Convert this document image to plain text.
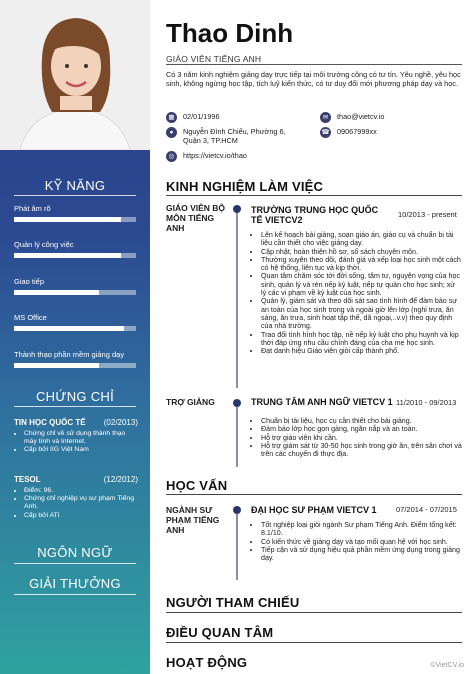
KỸ NĂNG
Phát âm rõ
Quản lý công việc
Giao tiếp
MS Office
Thành thạo phần mềm giảng dạy
CHỨNG CHỈ
TIN HỌC QUỐC TẾ (02/2013)
• Chứng chỉ về sử dụng thành thạo máy tính và Internet.
• Cấp bởi IIG Việt Nam
TESOL	(12/2012)
• Điểm: 96.
• Chứng chỉ nghiệp vụ sư phạm Tiếng Anh.
• Cấp bởi ATI
NGÔN NGỮ
GIẢI THƯỞNG
Thao Dinh
GIÁO VIÊN TIẾNG ANH
Có 3 năm kinh nghiệm giảng dạy trực tiếp tại môi trường công có tư tín. Yêu nghề, yêu học sinh, không ngừng học tập, tích luỹ kiến thức, có tư duy đổi mới phương pháp dạy và học.
▦	02/01/1996	✉	thao@vietcv.io
●	Nguyễn Đình Chiểu, Phường 6, Quận 3, TP.HCM
☎ 09067999xx
◎	https://vietcv.io/thao
KINH NGHIỆM LÀM VIỆC
GIÁO VIÊN BỘ MÔN TIẾNG ANH
TRƯỜNG TRUNG HỌC QUỐC TẾ VIETCV2
10/2013 - present
• Lên kế hoạch bài giảng, soạn giáo án, giáo cụ và chuẩn bị tài liệu cần thiết cho việc giảng dạy.
• Cập nhật, hoàn thiện hồ sơ, sổ sách chuyên môn.
• Thường xuyên theo dõi, đánh giá và xếp loại học sinh một cách có hệ thống, liên tục và kịp thời.
• Quan tâm chăm sóc tới đời sống, tâm tư, nguyện vọng của học sinh, quản lý và rèn nếp kỷ luật, nếp tự quản cho học sinh; xử lý các vi phạm về kỷ luật của học sinh.
• Quản lý, giám sát và theo dõi sát sao tình hình để đảm bảo sự an toàn của học sinh trong và ngoài giờ lên lớp (nghỉ trưa, ăn sáng, ăn trưa, sinh hoạt tập thể, dã ngoại,..v.v) theo quy định của nhà trường.
• Trao đổi tình hình học tập, nề nếp kỷ luật cho phụ huynh và kịp thời đáp ứng nhu cầu chính đáng của cha mẹ học sinh.
• Đạt danh hiệu Giáo viên giỏi cấp thành phố.
TRỢ GIẢNG	TRUNG TÂM ANH NGỮ VIETCV 1 11/2010 - 09/2013
• Chuẩn bị tài liệu, học cụ cần thiết cho bài giảng.
• Đảm bảo lớp học gọn gàng, ngăn nắp và an toàn.
• Hỗ trợ giáo viên khi cần.
• Hỗ trợ giám sát từ 30-50 học sinh trong giờ ăn, trên sân chơi và trên các chuyến đi thực địa.
HỌC VẤN
NGÀNH SƯ PHẠM TIẾNG ANH
ĐẠI HỌC SƯ PHẠM VIETCV 1	07/2014 - 07/2015
• Tốt nghiệp loại giỏi ngành Sư phạm Tiếng Anh. Điểm tổng kết: 8.1/10.
• Có kiến thức về giảng dạy và tạo mối quan hệ với học sinh.
• Tiếp cận và sử dụng hiệu quả phần mềm ứng dụng trong giảng dạy.
NGƯỜI THAM CHIẾU
ĐIỀU QUAN TÂM
HOẠT ĐỘNG	©VietCV.io
